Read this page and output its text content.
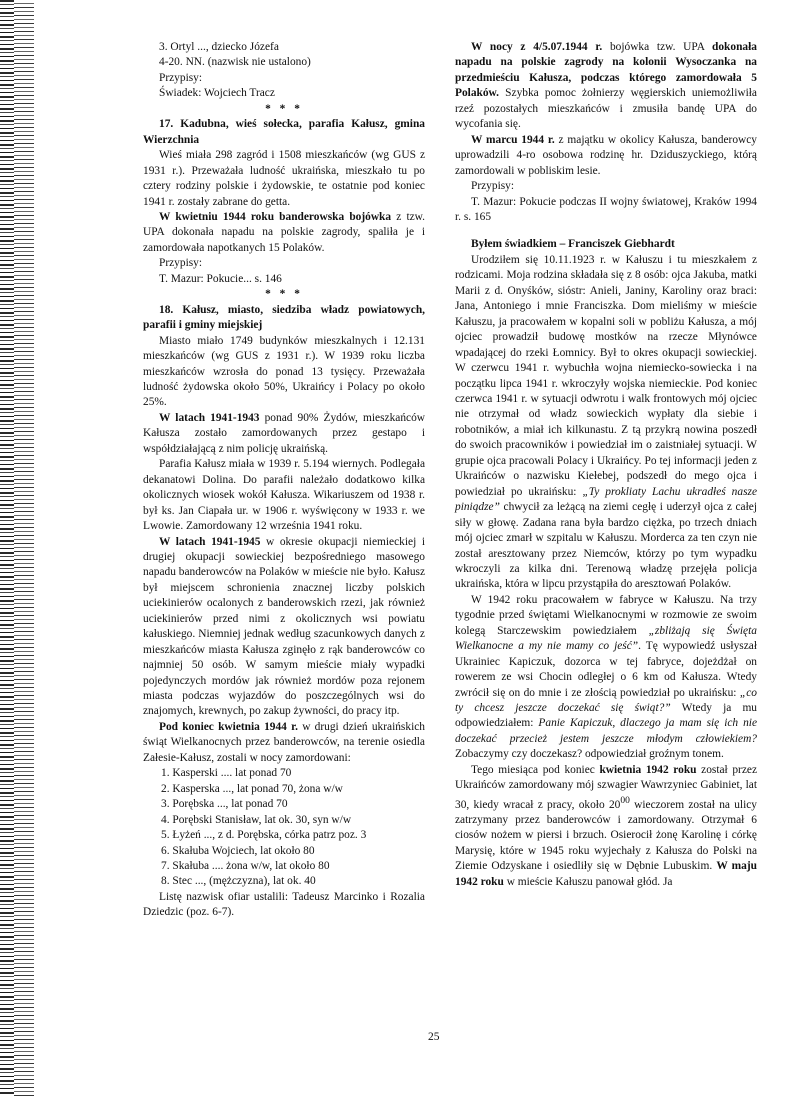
3. Ortyl ..., dziecko Józefa

4-20. NN. (nazwisk nie ustalono)

Przypisy:

Świadek: Wojciech Tracz

* * *

17. Kadubna, wieś sołecka, parafia Kałusz, gmina Wierzchnia

Wieś miała 298 zagród i 1508 mieszkańców (wg GUS z 1931 r.). Przeważała ludność ukraińska, mieszkało tu po cztery rodziny polskie i żydowskie, te ostatnie pod koniec 1941 r. zostały zabrane do getta.

W kwietniu 1944 roku banderowska bojówka z tzw. UPA dokonała napadu na polskie zagrody, spaliła je i zamordowała napotkanych 15 Polaków.

Przypisy:

T. Mazur: Pokucie... s. 146

* * *

18. Kałusz, miasto, siedziba władz powiatowych, parafii i gminy miejskiej

Miasto miało 1749 budynków mieszkalnych i 12.131 mieszkańców (wg GUS z 1931 r.). W 1939 roku liczba mieszkańców wzrosła do ponad 13 tysięcy. Przeważała ludność żydowska około 50%, Ukraińcy i Polacy po około 25%.

W latach 1941-1943 ponad 90% Żydów, mieszkańców Kałusza zostało zamordowanych przez gestapo i współdziałającą z nim policję ukraińską.

Parafia Kałusz miała w 1939 r. 5.194 wiernych. Podlegała dekanatowi Dolina. Do parafii należało dodatkowo kilka okolicznych wiosek wokół Kałusza. Wikariuszem od 1938 r. był ks. Jan Ciapała ur. w 1906 r. wyświęcony w 1933 r. we Lwowie. Zamordowany 12 września 1941 roku.

W latach 1941-1945 w okresie okupacji niemieckiej i drugiej okupacji sowieckiej bezpośredniego masowego napadu banderowców na Polaków w mieście nie było. Kałusz był miejscem schronienia znacznej liczby polskich uciekinierów ocalonych z banderowskich rzezi, jak również uciekinierów przed nimi z okolicznych wsi powiatu kałuskiego. Niemniej jednak według szacunkowych danych z mieszkańców miasta Kałusza zginęło z rąk banderowców co najmniej 50 osób. W samym mieście miały wypadki pojedynczych mordów jak również mordów poza rejonem miasta podczas wyjazdów do poszczególnych wsi do znajomych, krewnych, po zakup żywności, do pracy itp.

Pod koniec kwietnia 1944 r. w drugi dzień ukraińskich świąt Wielkanocnych przez banderowców, na terenie osiedla Załesie-Kałusz, zostali w nocy zamordowani:

1. Kasperski .... lat ponad 70

2. Kasperska ..., lat ponad 70, żona w/w

3. Porębska ..., lat ponad 70

4. Porębski Stanisław, lat ok. 30, syn w/w

5. Łyżeń ..., z d. Porębska, córka patrz poz. 3

6. Skałuba Wojciech, lat około 80

7. Skałuba .... żona w/w, lat około 80

8. Stec ..., (mężczyzna), lat ok. 40

Listę nazwisk ofiar ustalili: Tadeusz Marcinko i Rozalia Dziedzic (poz. 6-7).

W nocy z 4/5.07.1944 r. bojówka tzw. UPA dokonała napadu na polskie zagrody na kolonii Wysoczanka na przedmieściu Kałusza, podczas którego zamordowała 5 Polaków. Szybka pomoc żołnierzy węgierskich uniemożliwiła rzeź pozostałych mieszkańców i zmusiła bandę UPA do wycofania się.

W marcu 1944 r. z majątku w okolicy Kałusza, banderowcy uprowadzili 4-ro osobowa rodzinę hr. Dziduszyckiego, którą zamordowali w pobliskim lesie.

Przypisy:

T. Mazur: Pokucie podczas II wojny światowej, Kraków 1994 r. s. 165

Byłem świadkiem – Franciszek Giebhardt

Urodziłem się 10.11.1923 r. w Kałuszu i tu mieszkałem z rodzicami. Moja rodzina składała się z 8 osób: ojca Jakuba, matki Marii z d. Onyśków, sióstr: Anieli, Janiny, Karoliny oraz braci: Jana, Antoniego i mnie Franciszka. Dom mieliśmy w mieście Kałuszu, ja pracowałem w kopalni soli w pobliżu Kałusza, a mój ojciec prowadził budowę mostków na rzecze Młynówce wpadającej do rzeki Łomnicy. Był to okres okupacji sowieckiej. W czerwcu 1941 r. wybuchła wojna niemiecko-sowiecka i na początku lipca 1941 r. wkroczyły wojska niemieckie. Pod koniec czerwca 1941 r. w sytuacji odwrotu i walk frontowych mój ojciec nie otrzymał od władz sowieckich wypłaty dla siebie i robotników, a miał ich kilkunastu. Z tą przykrą nowina poszedł do swoich pracowników i powiedział im o zaistniałej sytuacji. W grupie ojca pracowali Polacy i Ukraińcy. Po tej informacji jeden z Ukraińców o nazwisku Kiełebej, podszedł do mego ojca i powiedział po ukraińsku: „Ty prokliaty Lachu ukradłeś nasze piniądze” chwycił za leżącą na ziemi cegłę i uderzył ojca z całej siły w głowę. Zadana rana była bardzo ciężka, po trzech dniach mój ojciec zmarł w szpitalu w Kałuszu. Morderca za ten czyn nie został aresztowany przez Niemców, którzy po tym wypadku wkroczyli za kilka dni. Terenową władzę przejęła policja ukraińska, która w lipcu przystąpiła do aresztowań Polaków.

W 1942 roku pracowałem w fabryce w Kałuszu. Na trzy tygodnie przed świętami Wielkanocnymi w rozmowie ze swoim kolegą Starczewskim powiedziałem „zbliżają się Święta Wielkanocne a my nie mamy co jeść”. Tę wypowiedź usłyszał Ukrainiec Kapiczuk, dozorca w tej fabryce, dojeżdżał on rowerem ze wsi Chocin odległej o 6 km od Kałusza. Wtedy zwrócił się on do mnie i ze złością powiedział po ukraińsku: „co ty chcesz jeszcze doczekać się świąt?” Wtedy ja mu odpowiedziałem: Panie Kapiczuk, dlaczego ja mam się ich nie doczekać przecież jestem jeszcze młodym człowiekiem? Zobaczymy czy doczekasz? odpowiedział groźnym tonem.

Tego miesiąca pod koniec kwietnia 1942 roku został przez Ukraińców zamordowany mój szwagier Wawrzyniec Gabiniet, lat 30, kiedy wracał z pracy, około $20^{00}$ wieczorem został na ulicy zatrzymany przez banderowców i zamordowany. Otrzymał 6 ciosów nożem w piersi i brzuch. Osierocił żonę Karolinę i córkę Marysię, które w 1945 roku wyjechały z Kałusza do Polski na Ziemie Odzyskane i osiedliły się w Dębnie Lubuskim. W maju 1942 roku w mieście Kałuszu panował głód. Ja

25
